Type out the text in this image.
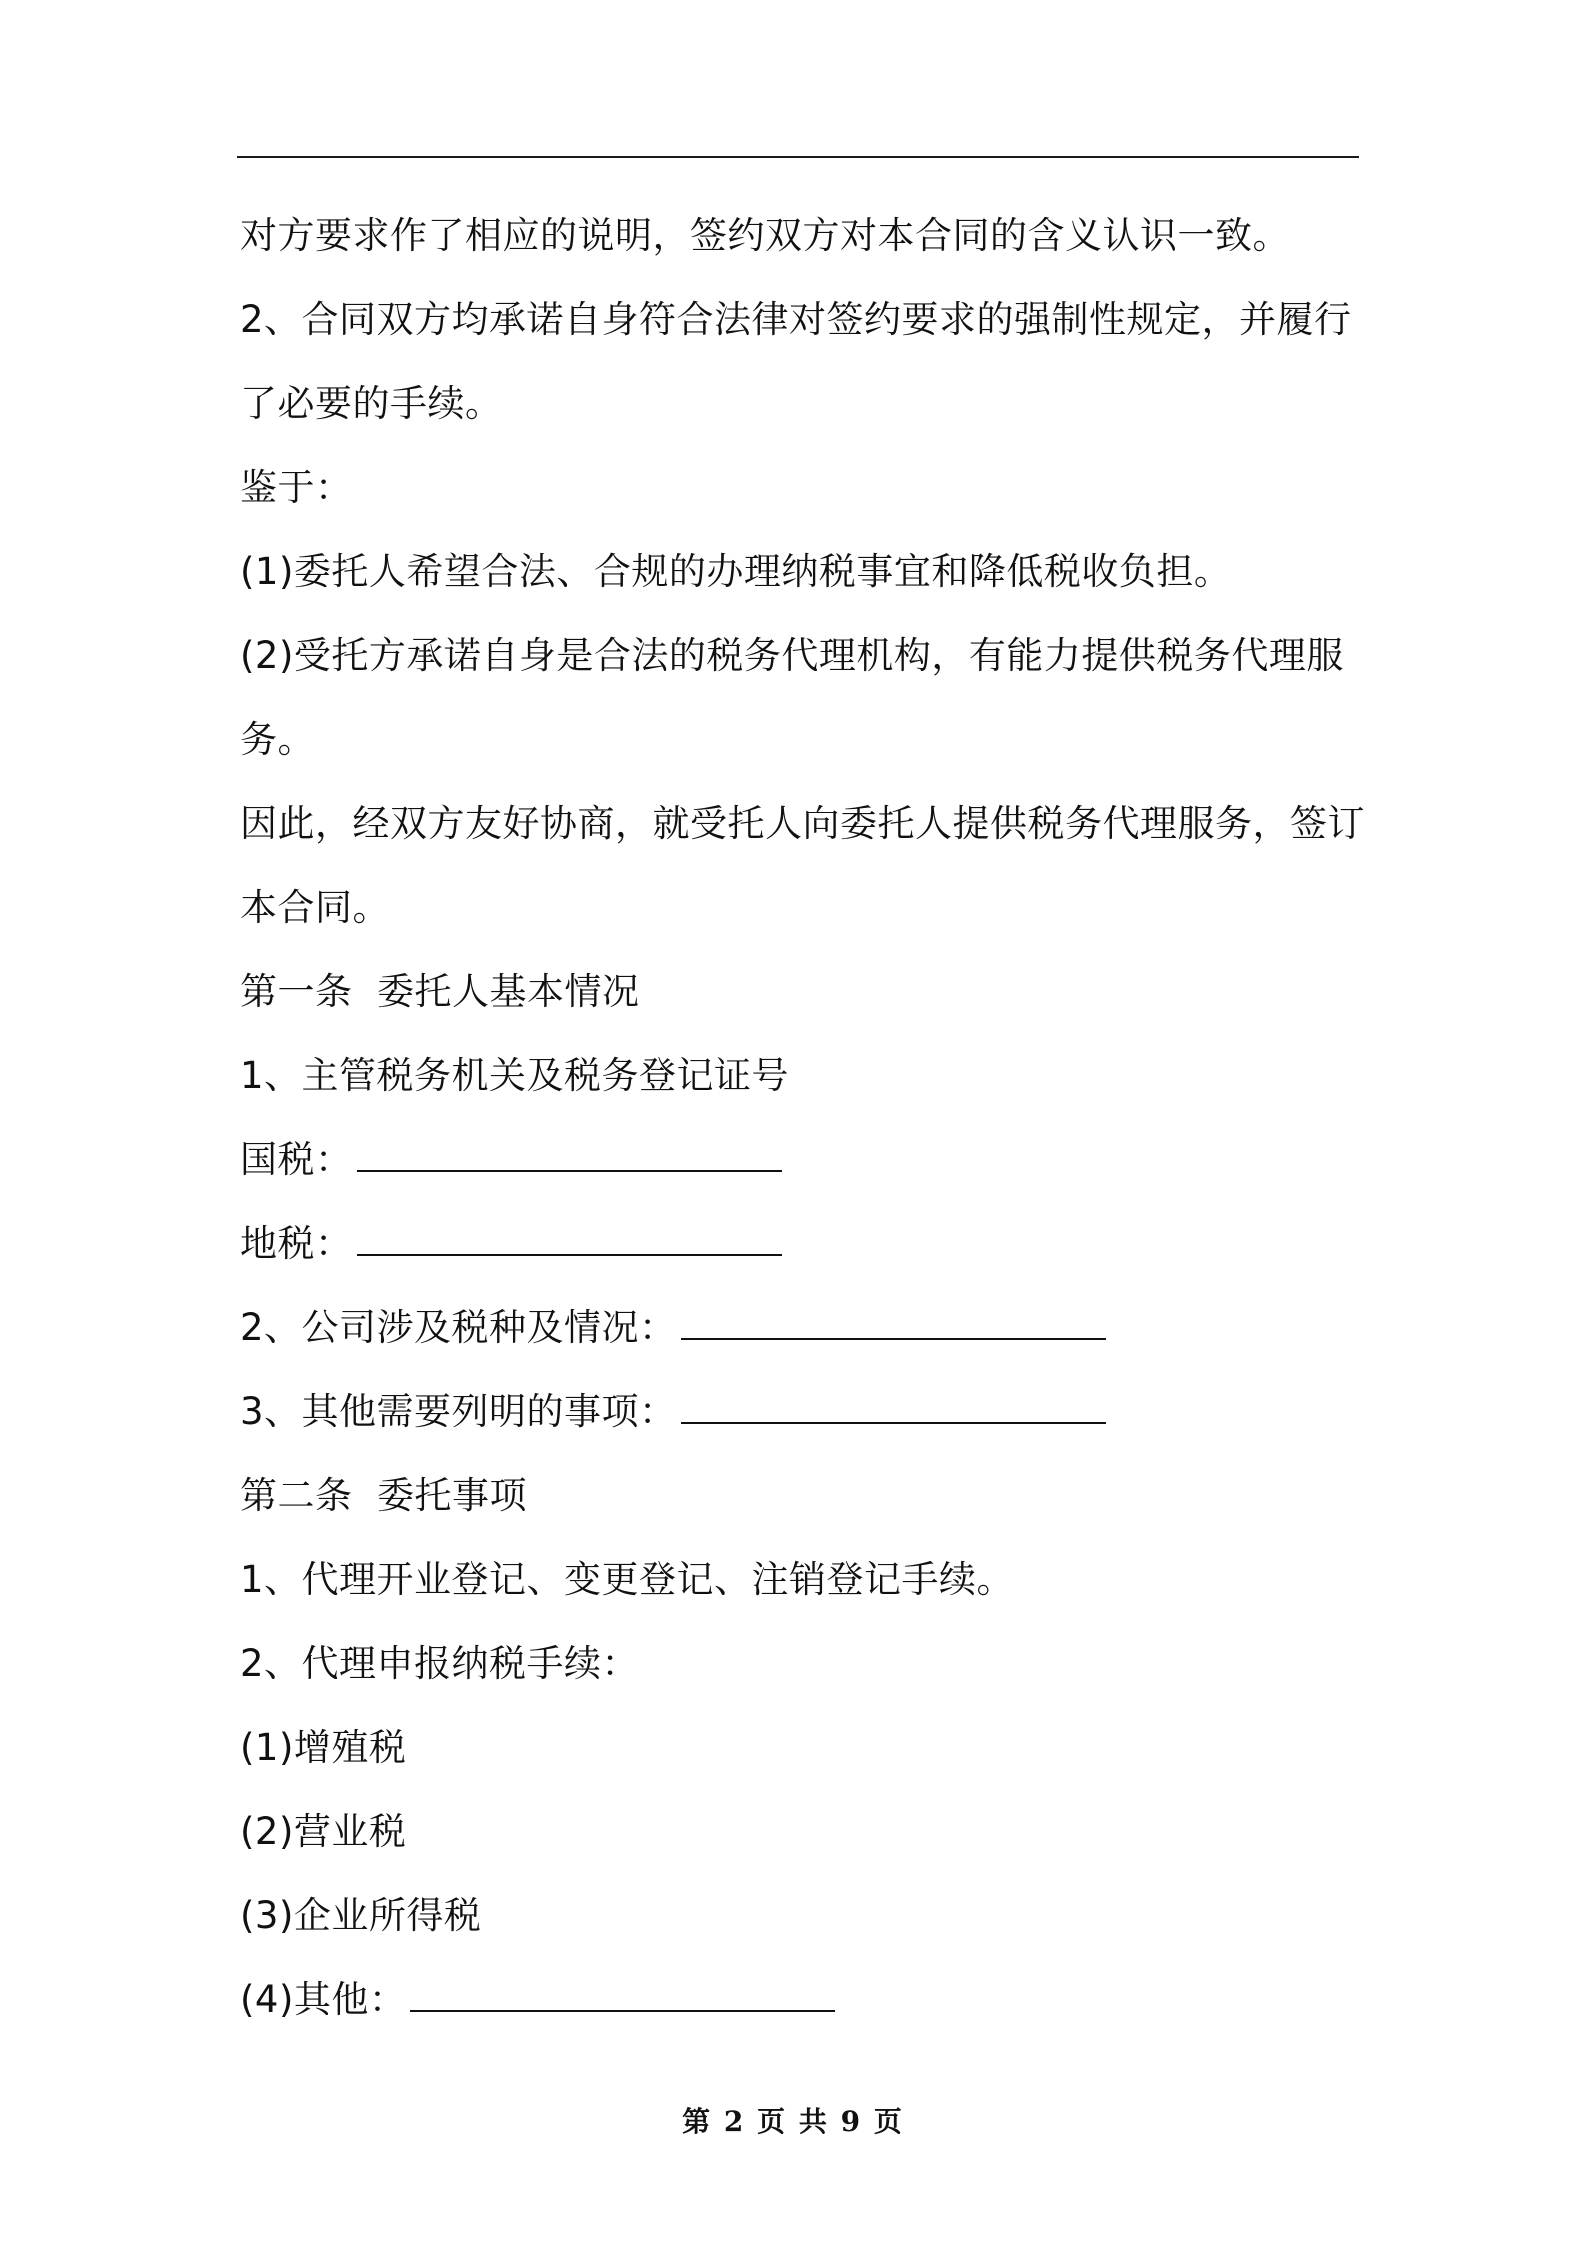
对方要求作了相应的说明，签约双方对本合同的含义认识一致。
2、合同双方均承诺自身符合法律对签约要求的强制性规定，并履行
了必要的手续。
鉴于：
(1)委托人希望合法、合规的办理纳税事宜和降低税收负担。
(2)受托方承诺自身是合法的税务代理机构，有能力提供税务代理服
务。
因此，经双方友好协商，就受托人向委托人提供税务代理服务，签订
本合同。
第一条  委托人基本情况
1、主管税务机关及税务登记证号
国税：
地税：
2、公司涉及税种及情况：
3、其他需要列明的事项：
第二条  委托事项
1、代理开业登记、变更登记、注销登记手续。
2、代理申报纳税手续：
(1)增殖税
(2)营业税
(3)企业所得税
(4)其他：
第 2 页 共 9 页
